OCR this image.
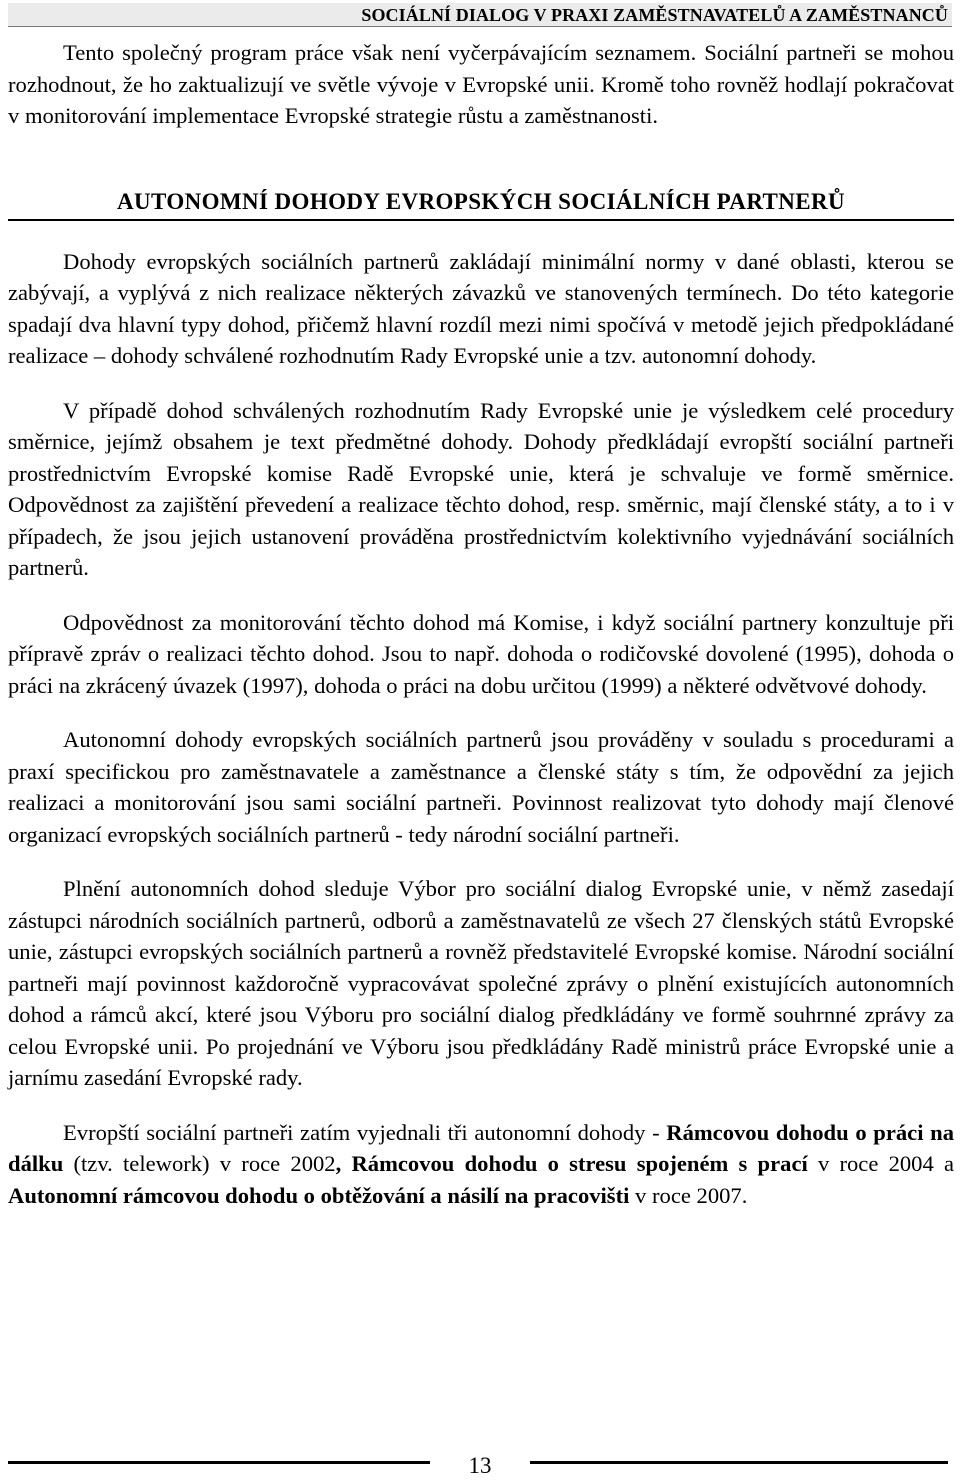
SOCIÁLNÍ DIALOG V PRAXI ZAMĚSTNAVATELŮ A ZAMĚSTNANCŮ

Tento společný program práce však není vyčerpávajícím seznamem. Sociální partneři se mohou rozhodnout, že ho zaktualizují ve světle vývoje v Evropské unii. Kromě toho rovněž hodlají pokračovat v monitorování implementace Evropské strategie růstu a zaměstnanosti.

AUTONOMNÍ DOHODY EVROPSKÝCH SOCIÁLNÍCH PARTNERŮ

Dohody evropských sociálních partnerů zakládají minimální normy v dané oblasti, kterou se zabývají, a vyplývá z nich realizace některých závazků ve stanovených termínech. Do této kategorie spadají dva hlavní typy dohod, přičemž hlavní rozdíl mezi nimi spočívá v metodě jejich předpokládané realizace – dohody schválené rozhodnutím Rady Evropské unie a tzv. autonomní dohody.

V případě dohod schválených rozhodnutím Rady Evropské unie je výsledkem celé procedury směrnice, jejímž obsahem je text předmětné dohody. Dohody předkládají evropští sociální partneři prostřednictvím Evropské komise Radě Evropské unie, která je schvaluje ve formě směrnice. Odpovědnost za zajištění převedení a realizace těchto dohod, resp. směrnic, mají členské státy, a to i v případech, že jsou jejich ustanovení prováděna prostřednictvím kolektivního vyjednávání sociálních partnerů.

Odpovědnost za monitorování těchto dohod má Komise, i když sociální partnery konzultuje při přípravě zpráv o realizaci těchto dohod. Jsou to např. dohoda o rodičovské dovolené (1995), dohoda o práci na zkrácený úvazek (1997), dohoda o práci na dobu určitou (1999) a některé odvětvové dohody.

Autonomní dohody evropských sociálních partnerů jsou prováděny v souladu s procedurami a praxí specifickou pro zaměstnavatele a zaměstnance a členské státy s tím, že odpovědní za jejich realizaci a monitorování jsou sami sociální partneři. Povinnost realizovat tyto dohody mají členové organizací evropských sociálních partnerů - tedy národní sociální partneři.

Plnění autonomních dohod sleduje Výbor pro sociální dialog Evropské unie, v němž zasedají zástupci národních sociálních partnerů, odborů a zaměstnavatelů ze všech 27 členských států Evropské unie, zástupci evropských sociálních partnerů a rovněž představitelé Evropské komise. Národní sociální partneři mají povinnost každoročně vypracovávat společné zprávy o plnění existujících autonomních dohod a rámců akcí, které jsou Výboru pro sociální dialog předkládány ve formě souhrnné zprávy za celou Evropské unii. Po projednání ve Výboru jsou předkládány Radě ministrů práce Evropské unie a jarnímu zasedání Evropské rady.

Evropští sociální partneři zatím vyjednali tři autonomní dohody - Rámcovou dohodu o práci na dálku (tzv. telework) v roce 2002, Rámcovou dohodu o stresu spojeném s prací v roce 2004 a Autonomní rámcovou dohodu o obtěžování a násilí na pracovišti v roce 2007.

13
